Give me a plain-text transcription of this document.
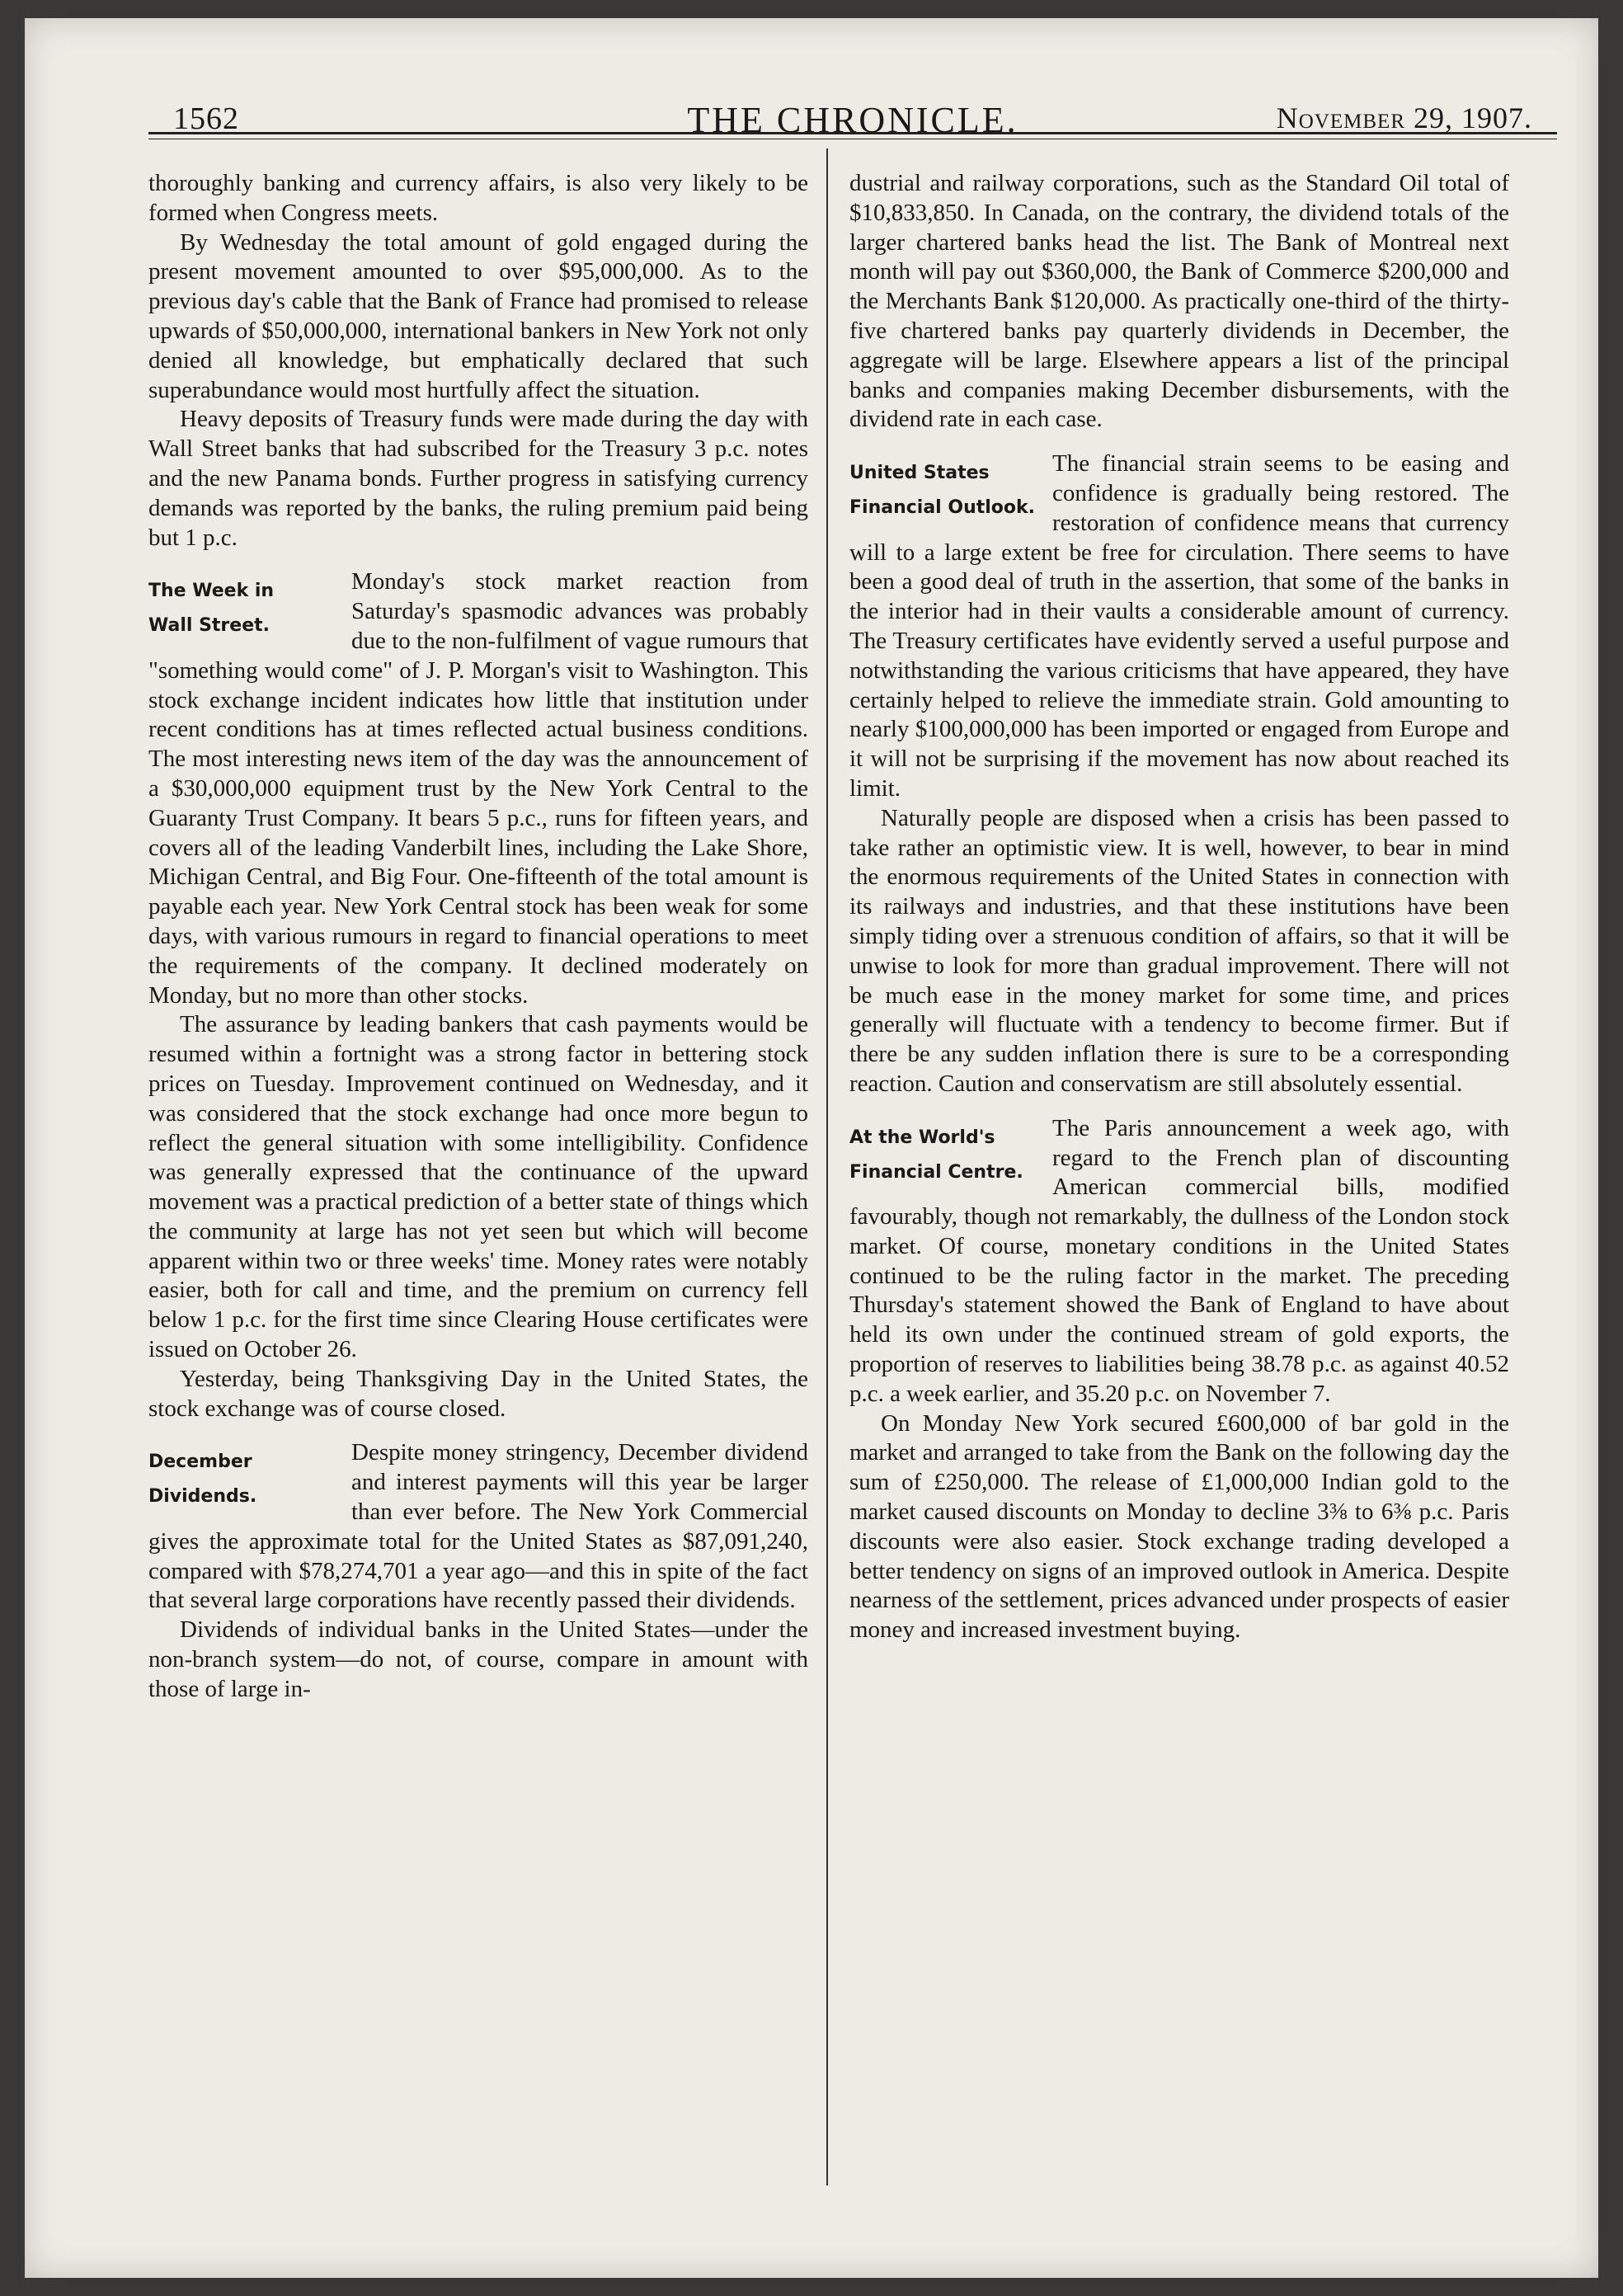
1562	THE CHRONICLE.	November 29, 1907.

thoroughly banking and currency affairs, is also very likely to be formed when Congress meets.

By Wednesday the total amount of gold engaged during the present movement amounted to over $95,000,000. As to the previous day's cable that the Bank of France had promised to release upwards of $50,000,000, international bankers in New York not only denied all knowledge, but emphatically declared that such superabundance would most hurtfully affect the situation.

Heavy deposits of Treasury funds were made during the day with Wall Street banks that had subscribed for the Treasury 3 p.c. notes and the new Panama bonds. Further progress in satisfying currency demands was reported by the banks, the ruling premium paid being but 1 p.c.

The Week in
Wall Street.

Monday's stock market reaction from Saturday's spasmodic advances was probably due to the non-fulfilment of vague rumours that "something would come" of J. P. Morgan's visit to Washington. This stock exchange incident indicates how little that institution under recent conditions has at times reflected actual business conditions. The most interesting news item of the day was the announcement of a $30,000,000 equipment trust by the New York Central to the Guaranty Trust Company. It bears 5 p.c., runs for fifteen years, and covers all of the leading Vanderbilt lines, including the Lake Shore, Michigan Central, and Big Four. One-fifteenth of the total amount is payable each year. New York Central stock has been weak for some days, with various rumours in regard to financial operations to meet the requirements of the company. It declined moderately on Monday, but no more than other stocks.

The assurance by leading bankers that cash payments would be resumed within a fortnight was a strong factor in bettering stock prices on Tuesday. Improvement continued on Wednesday, and it was considered that the stock exchange had once more begun to reflect the general situation with some intelligibility. Confidence was generally expressed that the continuance of the upward movement was a practical prediction of a better state of things which the community at large has not yet seen but which will become apparent within two or three weeks' time. Money rates were notably easier, both for call and time, and the premium on currency fell below 1 p.c. for the first time since Clearing House certificates were issued on October 26.

Yesterday, being Thanksgiving Day in the United States, the stock exchange was of course closed.

December
Dividends.

Despite money stringency, December dividend and interest payments will this year be larger than ever before. The New York Commercial gives the approximate total for the United States as $87,091,240, compared with $78,274,701 a year ago—and this in spite of the fact that several large corporations have recently passed their dividends.

Dividends of individual banks in the United States—under the non-branch system—do not, of course, compare in amount with those of large in-

dustrial and railway corporations, such as the Standard Oil total of $10,833,850. In Canada, on the contrary, the dividend totals of the larger chartered banks head the list. The Bank of Montreal next month will pay out $360,000, the Bank of Commerce $200,000 and the Merchants Bank $120,000. As practically one-third of the thirty-five chartered banks pay quarterly dividends in December, the aggregate will be large. Elsewhere appears a list of the principal banks and companies making December disbursements, with the dividend rate in each case.

United States
Financial Outlook.

The financial strain seems to be easing and confidence is gradually being restored. The restoration of confidence means that currency will to a large extent be free for circulation. There seems to have been a good deal of truth in the assertion, that some of the banks in the interior had in their vaults a considerable amount of currency. The Treasury certificates have evidently served a useful purpose and notwithstanding the various criticisms that have appeared, they have certainly helped to relieve the immediate strain. Gold amounting to nearly $100,000,000 has been imported or engaged from Europe and it will not be surprising if the movement has now about reached its limit.

Naturally people are disposed when a crisis has been passed to take rather an optimistic view. It is well, however, to bear in mind the enormous requirements of the United States in connection with its railways and industries, and that these institutions have been simply tiding over a strenuous condition of affairs, so that it will be unwise to look for more than gradual improvement. There will not be much ease in the money market for some time, and prices generally will fluctuate with a tendency to become firmer. But if there be any sudden inflation there is sure to be a corresponding reaction. Caution and conservatism are still absolutely essential.

At the World's
Financial Centre.

The Paris announcement a week ago, with regard to the French plan of discounting American commercial bills, modified favourably, though not remarkably, the dullness of the London stock market. Of course, monetary conditions in the United States continued to be the ruling factor in the market. The preceding Thursday's statement showed the Bank of England to have about held its own under the continued stream of gold exports, the proportion of reserves to liabilities being 38.78 p.c. as against 40.52 p.c. a week earlier, and 35.20 p.c. on November 7.

On Monday New York secured £600,000 of bar gold in the market and arranged to take from the Bank on the following day the sum of £250,000. The release of £1,000,000 Indian gold to the market caused discounts on Monday to decline 3⅜ to 6⅜ p.c. Paris discounts were also easier. Stock exchange trading developed a better tendency on signs of an improved outlook in America. Despite nearness of the settlement, prices advanced under prospects of easier money and increased investment buying.
